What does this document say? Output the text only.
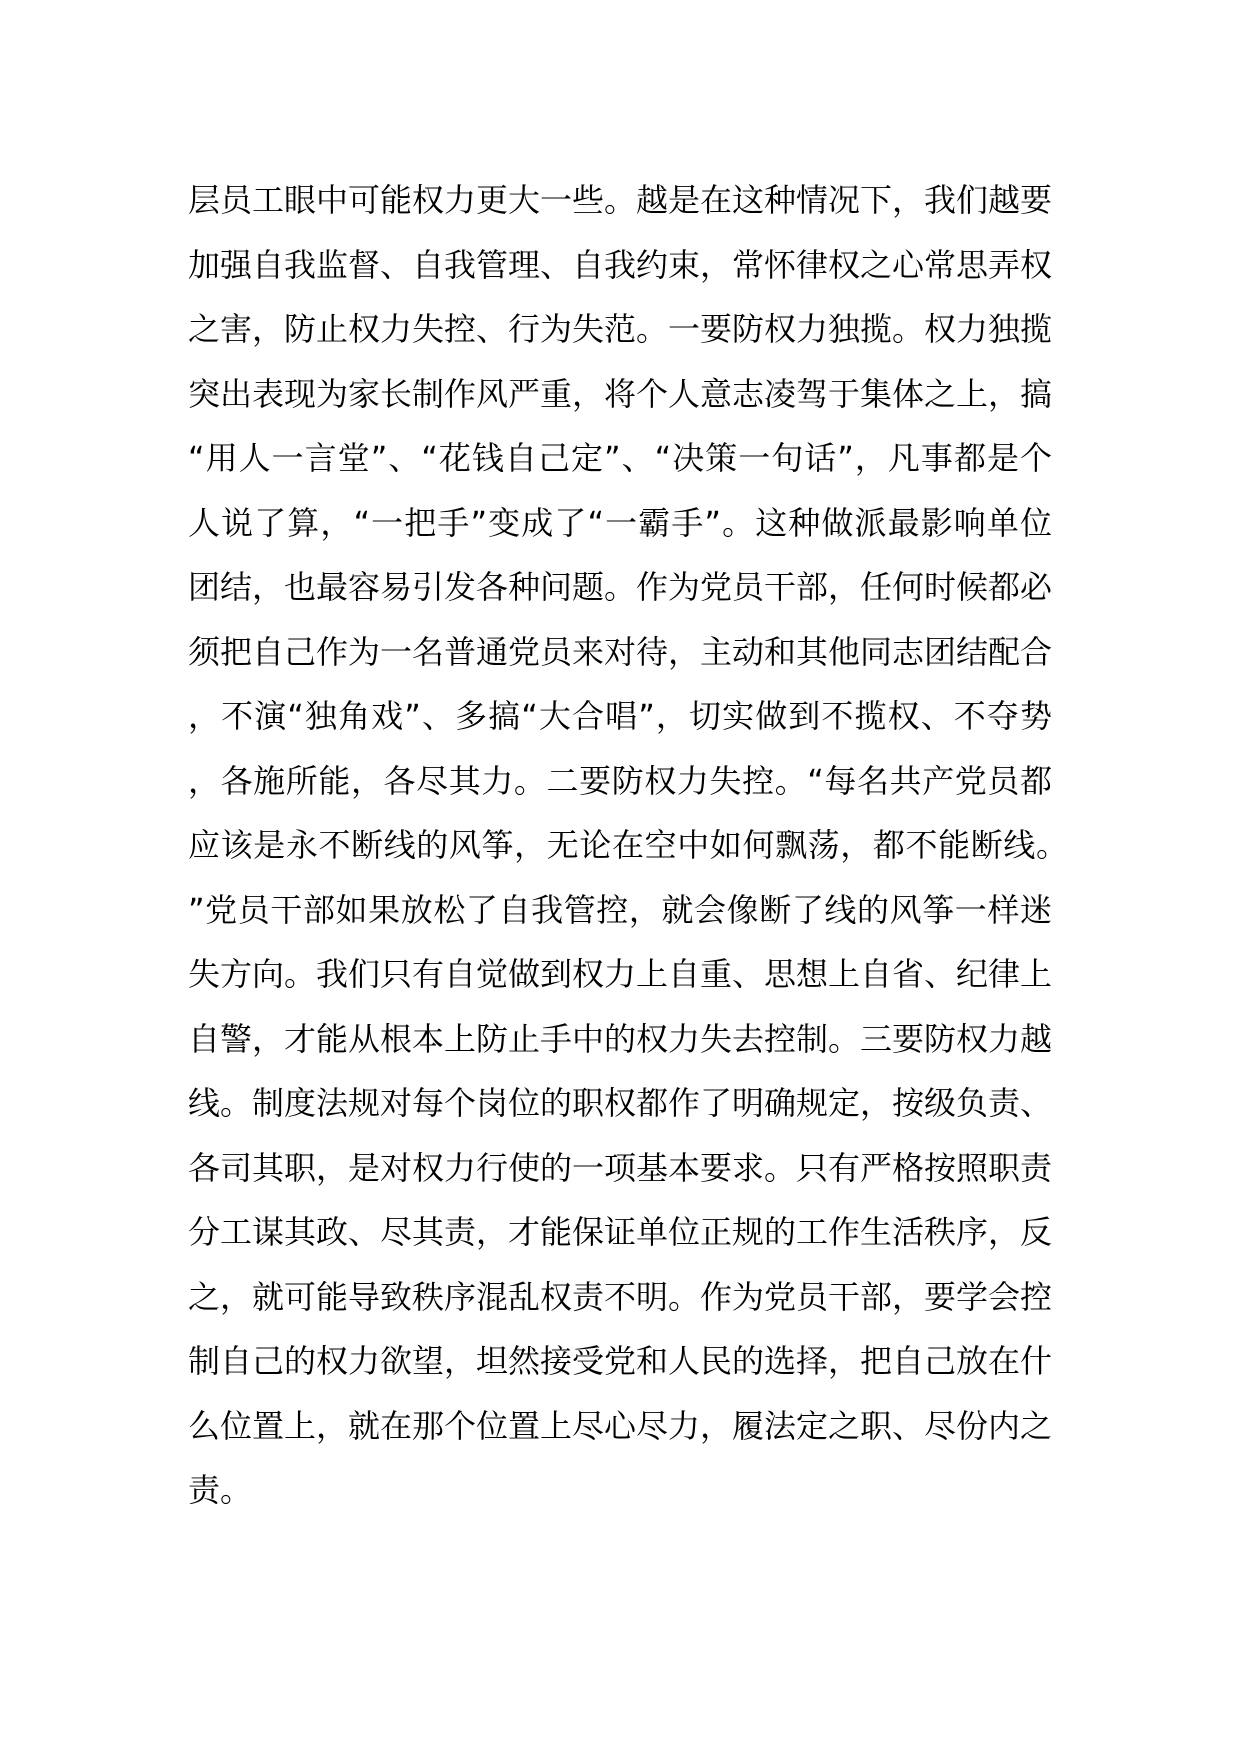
层员工眼中可能权力更大一些。越是在这种情况下，我们越要加强自我监督、自我管理、自我约束，常怀律权之心常思弄权之害，防止权力失控、行为失范。一要防权力独揽。权力独揽突出表现为家长制作风严重，将个人意志凌驾于集体之上，搞“用人一言堂”、“花钱自己定”、“决策一句话”，凡事都是个人说了算，“一把手”变成了“一霸手”。这种做派最影响单位团结，也最容易引发各种问题。作为党员干部，任何时候都必须把自己作为一名普通党员来对待，主动和其他同志团结配合，不演“独角戏”、多搞“大合唱”，切实做到不揽权、不夺势，各施所能，各尽其力。二要防权力失控。“每名共产党员都应该是永不断线的风筝，无论在空中如何飘荡，都不能断线。”党员干部如果放松了自我管控，就会像断了线的风筝一样迷失方向。我们只有自觉做到权力上自重、思想上自省、纪律上自警，才能从根本上防止手中的权力失去控制。三要防权力越线。制度法规对每个岗位的职权都作了明确规定，按级负责、各司其职，是对权力行使的一项基本要求。只有严格按照职责分工谋其政、尽其责，才能保证单位正规的工作生活秩序，反之，就可能导致秩序混乱权责不明。作为党员干部，要学会控制自己的权力欲望，坦然接受党和人民的选择，把自己放在什么位置上，就在那个位置上尽心尽力，履法定之职、尽份内之责。
